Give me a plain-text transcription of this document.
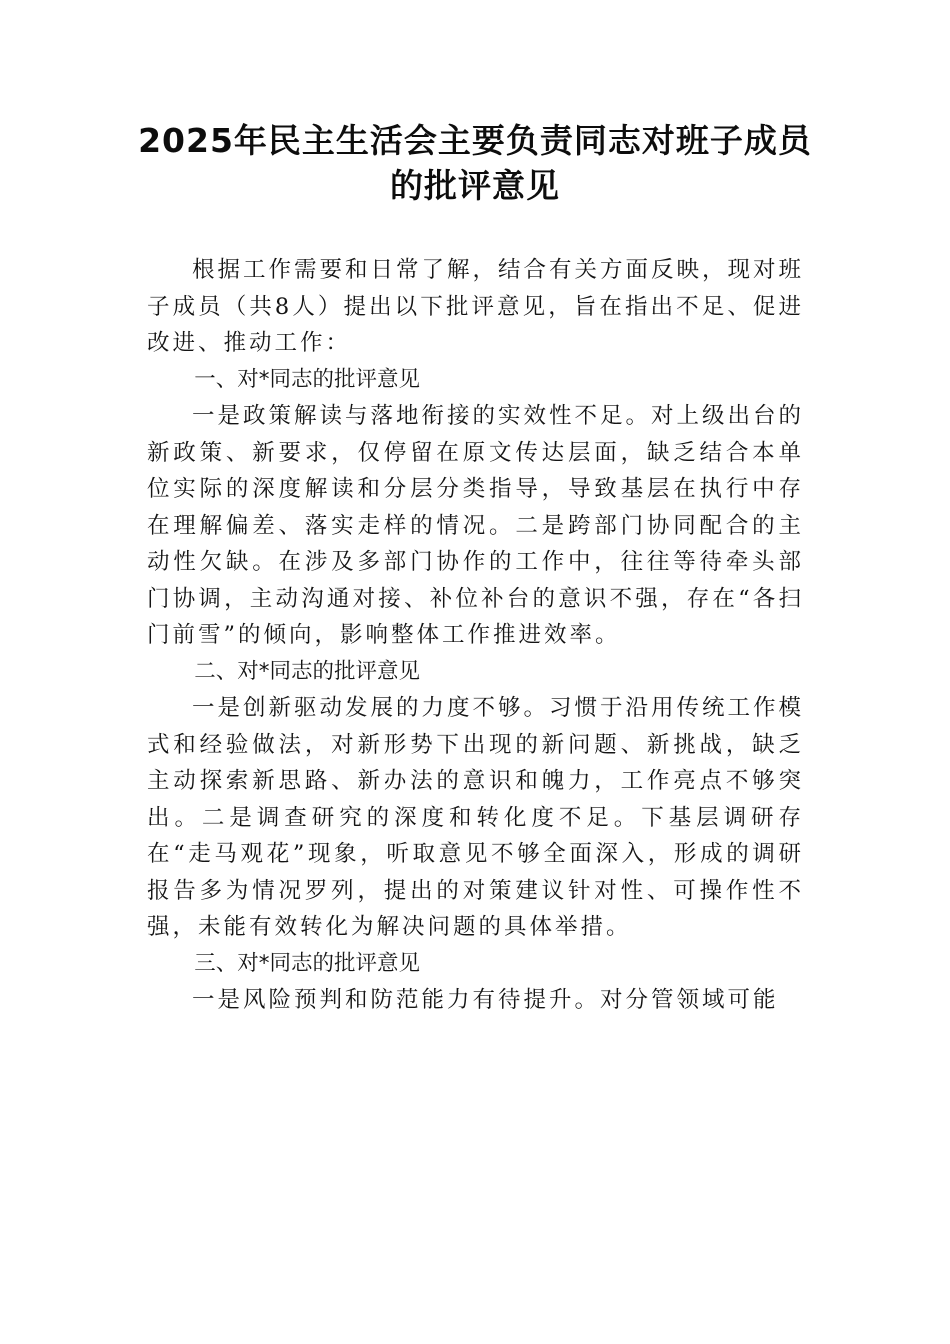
2025年民主生活会主要负责同志对班子成员的批评意见

根据工作需要和日常了解，结合有关方面反映，现对班子成员（共8人）提出以下批评意见，旨在指出不足、促进改进、推动工作：

一、对*同志的批评意见

一是政策解读与落地衔接的实效性不足。对上级出台的新政策、新要求，仅停留在原文传达层面，缺乏结合本单位实际的深度解读和分层分类指导，导致基层在执行中存在理解偏差、落实走样的情况。二是跨部门协同配合的主动性欠缺。在涉及多部门协作的工作中，往往等待牵头部门协调，主动沟通对接、补位补台的意识不强，存在“各扫门前雪”的倾向，影响整体工作推进效率。

二、对*同志的批评意见

一是创新驱动发展的力度不够。习惯于沿用传统工作模式和经验做法，对新形势下出现的新问题、新挑战，缺乏主动探索新思路、新办法的意识和魄力，工作亮点不够突出。二是调查研究的深度和转化度不足。下基层调研存在“走马观花”现象，听取意见不够全面深入，形成的调研报告多为情况罗列，提出的对策建议针对性、可操作性不强，未能有效转化为解决问题的具体举措。

三、对*同志的批评意见

一是风险预判和防范能力有待提升。对分管领域可能
